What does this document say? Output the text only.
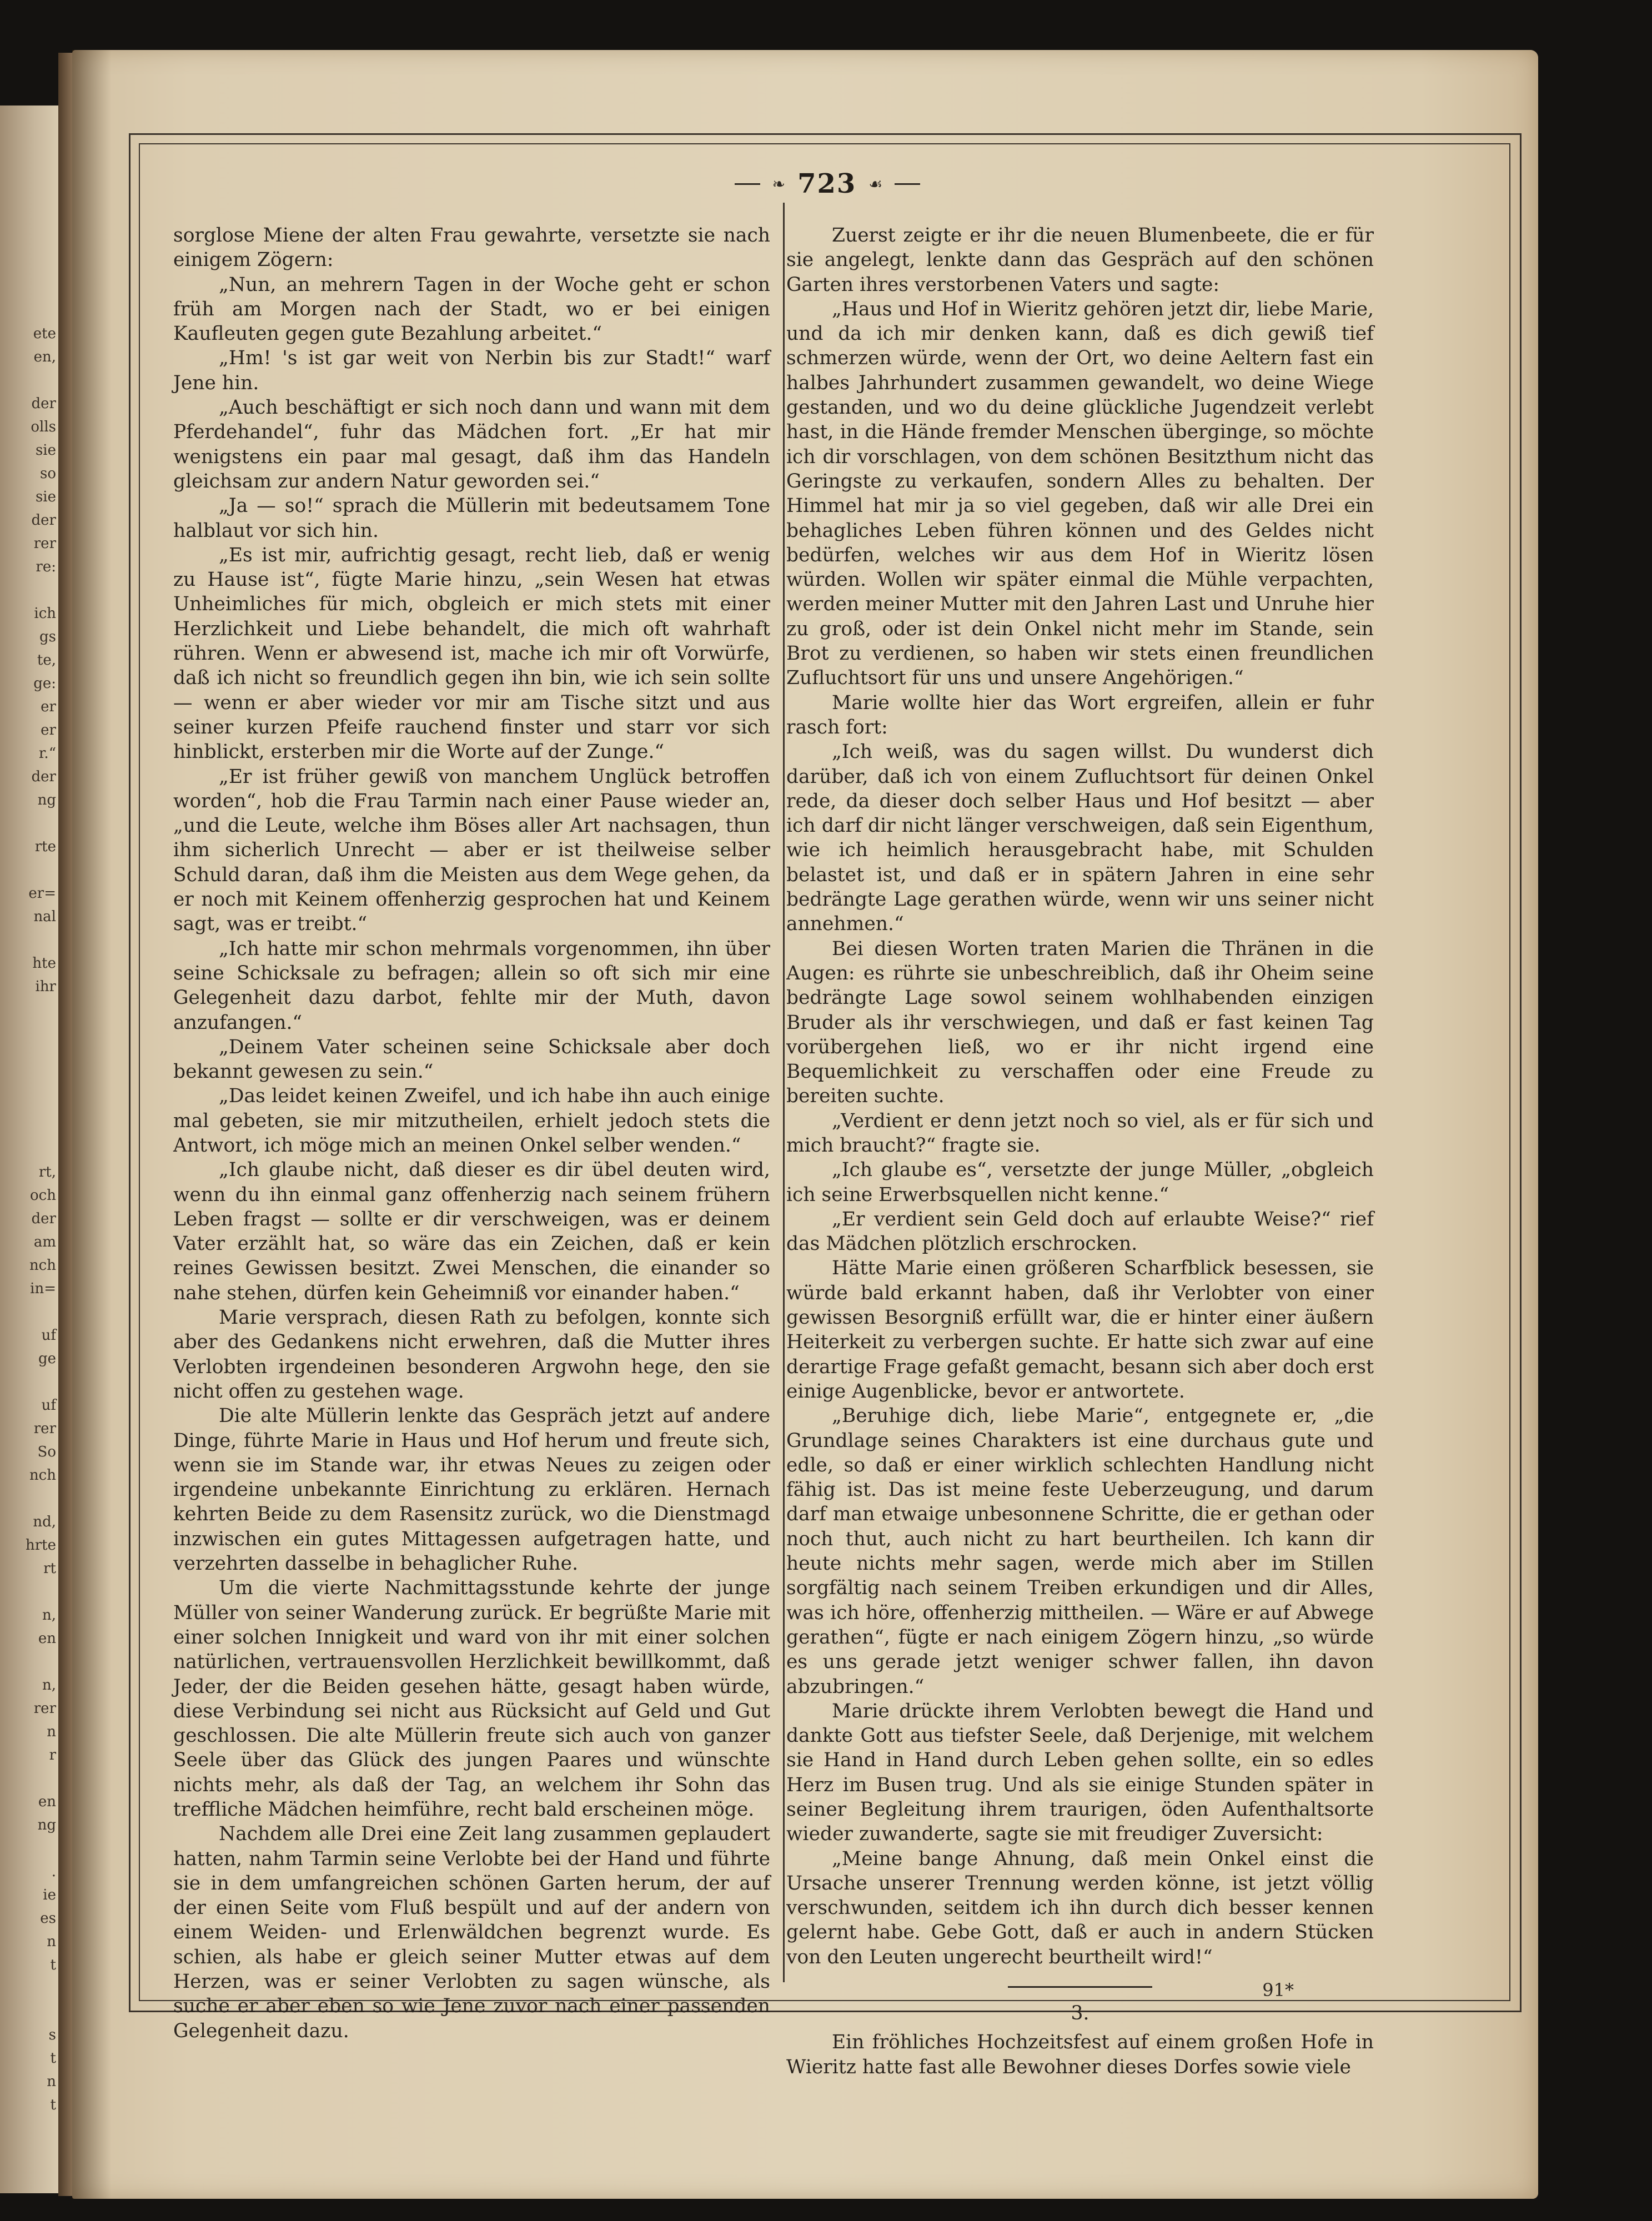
ete
en,

der
olls
sie
so
sie
der
rer
re:

ich
gs
te,
ge:
er
er
r.“
der
ng

rte

er=
nal

hte
ihr
rt,
och
der
am
nch
in=

uf
ge

uf
rer
So
nch

nd,
hrte
rt

n,
en

n,
rer
n
r

en
ng

.
ie
es
n
t

s
t
n
t
❧ 723 ☙

sorglose Miene der alten Frau gewahrte, versetzte sie nach einigem Zögern:

„Nun, an mehrern Tagen in der Woche geht er schon früh am Morgen nach der Stadt, wo er bei einigen Kaufleuten gegen gute Bezahlung arbeitet.“

„Hm! 's ist gar weit von Nerbin bis zur Stadt!“ warf Jene hin.

„Auch beschäftigt er sich noch dann und wann mit dem Pferdehandel“, fuhr das Mädchen fort. „Er hat mir wenigstens ein paar mal gesagt, daß ihm das Handeln gleichsam zur andern Natur geworden sei.“

„Ja — so!“ sprach die Müllerin mit bedeutsamem Tone halblaut vor sich hin.

„Es ist mir, aufrichtig gesagt, recht lieb, daß er wenig zu Hause ist“, fügte Marie hinzu, „sein Wesen hat etwas Unheimliches für mich, obgleich er mich stets mit einer Herzlichkeit und Liebe behandelt, die mich oft wahrhaft rühren. Wenn er abwesend ist, mache ich mir oft Vorwürfe, daß ich nicht so freundlich gegen ihn bin, wie ich sein sollte — wenn er aber wieder vor mir am Tische sitzt und aus seiner kurzen Pfeife rauchend finster und starr vor sich hinblickt, ersterben mir die Worte auf der Zunge.“

„Er ist früher gewiß von manchem Unglück betroffen worden“, hob die Frau Tarmin nach einer Pause wieder an, „und die Leute, welche ihm Böses aller Art nachsagen, thun ihm sicherlich Unrecht — aber er ist theilweise selber Schuld daran, daß ihm die Meisten aus dem Wege gehen, da er noch mit Keinem offenherzig gesprochen hat und Keinem sagt, was er treibt.“

„Ich hatte mir schon mehrmals vorgenommen, ihn über seine Schicksale zu befragen; allein so oft sich mir eine Gelegenheit dazu darbot, fehlte mir der Muth, davon anzufangen.“

„Deinem Vater scheinen seine Schicksale aber doch bekannt gewesen zu sein.“

„Das leidet keinen Zweifel, und ich habe ihn auch einige mal gebeten, sie mir mitzutheilen, erhielt jedoch stets die Antwort, ich möge mich an meinen Onkel selber wenden.“

„Ich glaube nicht, daß dieser es dir übel deuten wird, wenn du ihn einmal ganz offenherzig nach seinem frühern Leben fragst — sollte er dir verschweigen, was er deinem Vater erzählt hat, so wäre das ein Zeichen, daß er kein reines Gewissen besitzt. Zwei Menschen, die einander so nahe stehen, dürfen kein Geheimniß vor einander haben.“

Marie versprach, diesen Rath zu befolgen, konnte sich aber des Gedankens nicht erwehren, daß die Mutter ihres Verlobten irgendeinen besonderen Argwohn hege, den sie nicht offen zu gestehen wage.

Die alte Müllerin lenkte das Gespräch jetzt auf andere Dinge, führte Marie in Haus und Hof herum und freute sich, wenn sie im Stande war, ihr etwas Neues zu zeigen oder irgendeine unbekannte Einrichtung zu erklären. Hernach kehrten Beide zu dem Rasensitz zurück, wo die Dienstmagd inzwischen ein gutes Mittagessen aufgetragen hatte, und verzehrten dasselbe in behaglicher Ruhe.

Um die vierte Nachmittagsstunde kehrte der junge Müller von seiner Wanderung zurück. Er begrüßte Marie mit einer solchen Innigkeit und ward von ihr mit einer solchen natürlichen, vertrauensvollen Herzlichkeit bewillkommt, daß Jeder, der die Beiden gesehen hätte, gesagt haben würde, diese Verbindung sei nicht aus Rücksicht auf Geld und Gut geschlossen. Die alte Müllerin freute sich auch von ganzer Seele über das Glück des jungen Paares und wünschte nichts mehr, als daß der Tag, an welchem ihr Sohn das treffliche Mädchen heimführe, recht bald erscheinen möge.

Nachdem alle Drei eine Zeit lang zusammen geplaudert hatten, nahm Tarmin seine Verlobte bei der Hand und führte sie in dem umfangreichen schönen Garten herum, der auf der einen Seite vom Fluß bespült und auf der andern von einem Weiden- und Erlenwäldchen begrenzt wurde. Es schien, als habe er gleich seiner Mutter etwas auf dem Herzen, was er seiner Verlobten zu sagen wünsche, als suche er aber eben so wie Jene zuvor nach einer passenden Gelegenheit dazu.

Zuerst zeigte er ihr die neuen Blumenbeete, die er für sie angelegt, lenkte dann das Gespräch auf den schönen Garten ihres verstorbenen Vaters und sagte:

„Haus und Hof in Wieritz gehören jetzt dir, liebe Marie, und da ich mir denken kann, daß es dich gewiß tief schmerzen würde, wenn der Ort, wo deine Aeltern fast ein halbes Jahrhundert zusammen gewandelt, wo deine Wiege gestanden, und wo du deine glückliche Jugendzeit verlebt hast, in die Hände fremder Menschen überginge, so möchte ich dir vorschlagen, von dem schönen Besitzthum nicht das Geringste zu verkaufen, sondern Alles zu behalten. Der Himmel hat mir ja so viel gegeben, daß wir alle Drei ein behagliches Leben führen können und des Geldes nicht bedürfen, welches wir aus dem Hof in Wieritz lösen würden. Wollen wir später einmal die Mühle verpachten, werden meiner Mutter mit den Jahren Last und Unruhe hier zu groß, oder ist dein Onkel nicht mehr im Stande, sein Brot zu verdienen, so haben wir stets einen freundlichen Zufluchtsort für uns und unsere Angehörigen.“

Marie wollte hier das Wort ergreifen, allein er fuhr rasch fort:

„Ich weiß, was du sagen willst. Du wunderst dich darüber, daß ich von einem Zufluchtsort für deinen Onkel rede, da dieser doch selber Haus und Hof besitzt — aber ich darf dir nicht länger verschweigen, daß sein Eigenthum, wie ich heimlich herausgebracht habe, mit Schulden belastet ist, und daß er in spätern Jahren in eine sehr bedrängte Lage gerathen würde, wenn wir uns seiner nicht annehmen.“

Bei diesen Worten traten Marien die Thränen in die Augen: es rührte sie unbeschreiblich, daß ihr Oheim seine bedrängte Lage sowol seinem wohlhabenden einzigen Bruder als ihr verschwiegen, und daß er fast keinen Tag vorübergehen ließ, wo er ihr nicht irgend eine Bequemlichkeit zu verschaffen oder eine Freude zu bereiten suchte.

„Verdient er denn jetzt noch so viel, als er für sich und mich braucht?“ fragte sie.

„Ich glaube es“, versetzte der junge Müller, „obgleich ich seine Erwerbsquellen nicht kenne.“

„Er verdient sein Geld doch auf erlaubte Weise?“ rief das Mädchen plötzlich erschrocken.

Hätte Marie einen größeren Scharfblick besessen, sie würde bald erkannt haben, daß ihr Verlobter von einer gewissen Besorgniß erfüllt war, die er hinter einer äußern Heiterkeit zu verbergen suchte. Er hatte sich zwar auf eine derartige Frage gefaßt gemacht, besann sich aber doch erst einige Augenblicke, bevor er antwortete.

„Beruhige dich, liebe Marie“, entgegnete er, „die Grundlage seines Charakters ist eine durchaus gute und edle, so daß er einer wirklich schlechten Handlung nicht fähig ist. Das ist meine feste Ueberzeugung, und darum darf man etwaige unbesonnene Schritte, die er gethan oder noch thut, auch nicht zu hart beurtheilen. Ich kann dir heute nichts mehr sagen, werde mich aber im Stillen sorgfältig nach seinem Treiben erkundigen und dir Alles, was ich höre, offenherzig mittheilen. — Wäre er auf Abwege gerathen“, fügte er nach einigem Zögern hinzu, „so würde es uns gerade jetzt weniger schwer fallen, ihn davon abzubringen.“

Marie drückte ihrem Verlobten bewegt die Hand und dankte Gott aus tiefster Seele, daß Derjenige, mit welchem sie Hand in Hand durch Leben gehen sollte, ein so edles Herz im Busen trug. Und als sie einige Stunden später in seiner Begleitung ihrem traurigen, öden Aufenthaltsorte wieder zuwanderte, sagte sie mit freudiger Zuversicht:

„Meine bange Ahnung, daß mein Onkel einst die Ursache unserer Trennung werden könne, ist jetzt völlig verschwunden, seitdem ich ihn durch dich besser kennen gelernt habe. Gebe Gott, daß er auch in andern Stücken von den Leuten ungerecht beurtheilt wird!“

3.

Ein fröhliches Hochzeitsfest auf einem großen Hofe in Wieritz hatte fast alle Bewohner dieses Dorfes sowie viele

91*
